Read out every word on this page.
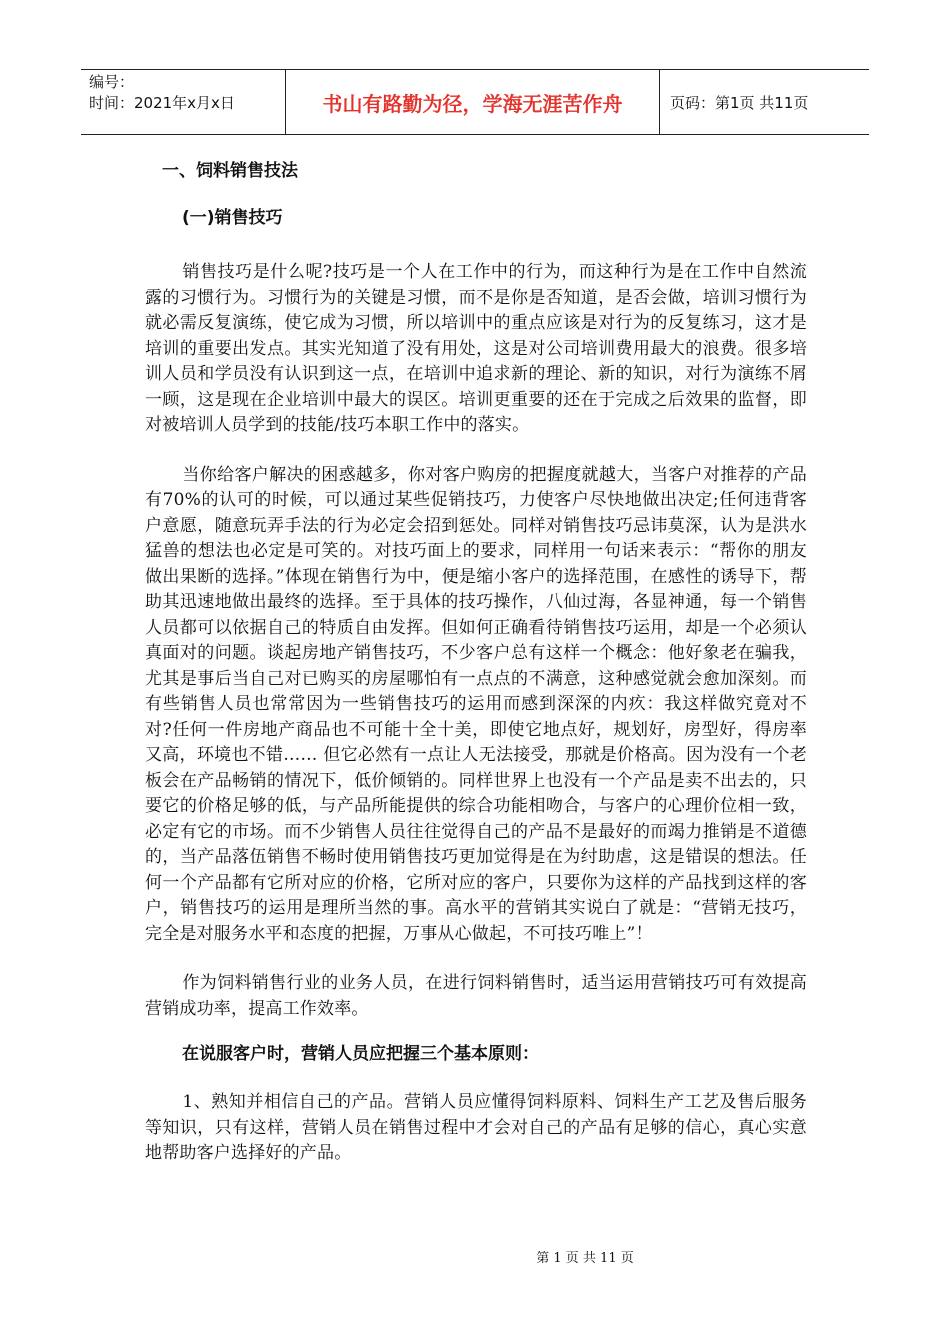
编号：
时间：2021年x月x日	书山有路勤为径，学海无涯苦作舟	页码：第1页 共11页
一、饲料销售技法
(一)销售技巧

销售技巧是什么呢?技巧是一个人在工作中的行为，而这种行为是在工作中自然流露的习惯行为。习惯行为的关键是习惯，而不是你是否知道，是否会做，培训习惯行为就必需反复演练，使它成为习惯，所以培训中的重点应该是对行为的反复练习，这才是培训的重要出发点。其实光知道了没有用处，这是对公司培训费用最大的浪费。很多培训人员和学员没有认识到这一点，在培训中追求新的理论、新的知识，对行为演练不屑一顾，这是现在企业培训中最大的误区。培训更重要的还在于完成之后效果的监督，即对被培训人员学到的技能/技巧本职工作中的落实。

当你给客户解决的困惑越多，你对客户购房的把握度就越大，当客户对推荐的产品有70%的认可的时候，可以通过某些促销技巧，力使客户尽快地做出决定;任何违背客户意愿，随意玩弄手法的行为必定会招到惩处。同样对销售技巧忌讳莫深，认为是洪水猛兽的想法也必定是可笑的。对技巧面上的要求，同样用一句话来表示：“帮你的朋友做出果断的选择。”体现在销售行为中，便是缩小客户的选择范围，在感性的诱导下，帮助其迅速地做出最终的选择。至于具体的技巧操作，八仙过海，各显神通，每一个销售人员都可以依据自己的特质自由发挥。但如何正确看待销售技巧运用，却是一个必须认真面对的问题。谈起房地产销售技巧，不少客户总有这样一个概念：他好象老在骗我，尤其是事后当自己对已购买的房屋哪怕有一点点的不满意，这种感觉就会愈加深刻。而有些销售人员也常常因为一些销售技巧的运用而感到深深的内疚：我这样做究竟对不对?任何一件房地产商品也不可能十全十美，即使它地点好，规划好，房型好，得房率又高，环境也不错…… 但它必然有一点让人无法接受，那就是价格高。因为没有一个老板会在产品畅销的情况下，低价倾销的。同样世界上也没有一个产品是卖不出去的，只要它的价格足够的低，与产品所能提供的综合功能相吻合，与客户的心理价位相一致，必定有它的市场。而不少销售人员往往觉得自己的产品不是最好的而竭力推销是不道德的，当产品落伍销售不畅时使用销售技巧更加觉得是在为纣助虐，这是错误的想法。任何一个产品都有它所对应的价格，它所对应的客户，只要你为这样的产品找到这样的客户，销售技巧的运用是理所当然的事。高水平的营销其实说白了就是：“营销无技巧，完全是对服务水平和态度的把握，万事从心做起，不可技巧唯上”！

作为饲料销售行业的业务人员，在进行饲料销售时，适当运用营销技巧可有效提高营销成功率，提高工作效率。

在说服客户时，营销人员应把握三个基本原则：

1、熟知并相信自己的产品。营销人员应懂得饲料原料、饲料生产工艺及售后服务等知识，只有这样，营销人员在销售过程中才会对自己的产品有足够的信心，真心实意地帮助客户选择好的产品。

第 1 页 共 11 页
